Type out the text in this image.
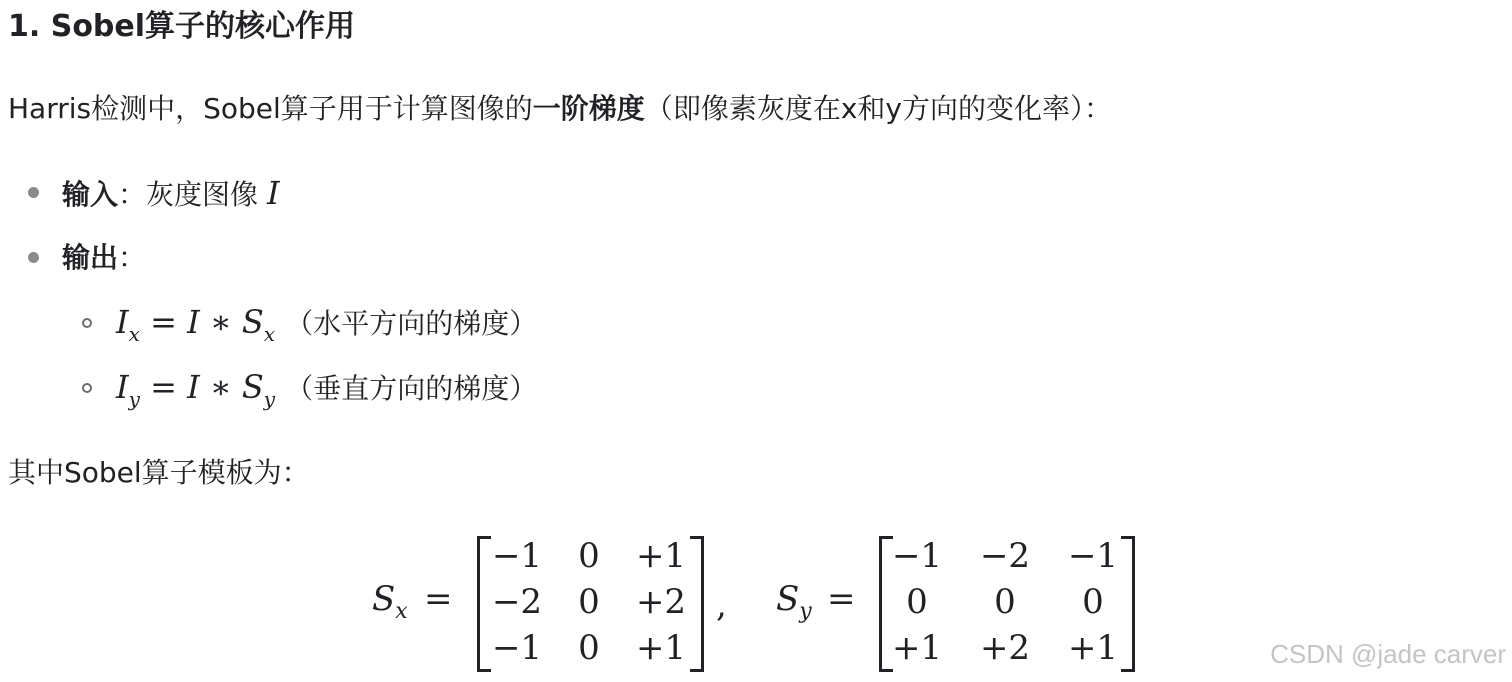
1. Sobel算子的核心作用
Harris检测中，Sobel算子用于计算图像的一阶梯度（即像素灰度在x和y方向的变化率）：
输入：灰度图像 I
输出：
$I_x = I$ ∗ $S_x$ （水平方向的梯度）
$I_y = I$ ∗ $S_y$ （垂直方向的梯度）
其中Sobel算子模板为：
$S_x$ =
−1	0	+1
−2	0	+2
−1	0	+1
, $S_y$ =
−1 −2 −1
0	0	0
+1 +2 +1	CSDN @jade carver
